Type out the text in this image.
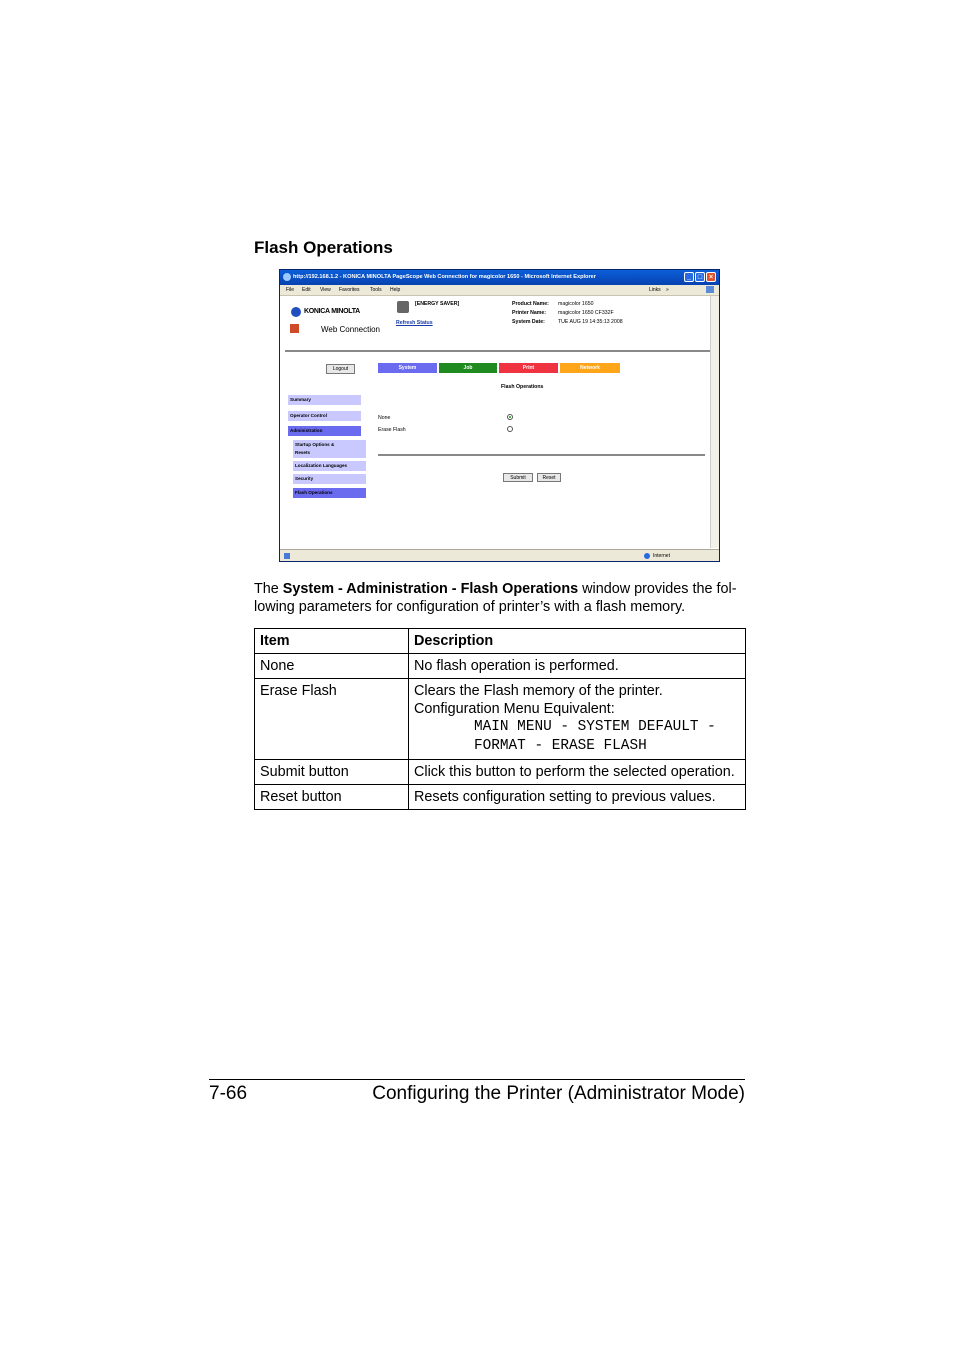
Flash Operations
http://192.168.1.2 - KONICA MINOLTA PageScope Web Connection for magicolor 1650 - Microsoft Internet Explorer	_ □ ×
File Edit View Favorites Tools Help	Links »
KONICA MINOLTA
Web Connection
[ENERGY SAVER]
Refresh Status
Product Name: magicolor 1650
Printer Name: magicolor 1650 CF332F
System Date:	TUE AUG 19 14:35:13 2008
Logout	System	Job	Print	Network
Summary
Operator Control
Administration
Startup Options &
Resets
Localization Languages
Security
Flash Operations
Flash Operations
None
Erase Flash
Submit	Reset
Internet
The System - Administration - Flash Operations window provides the fol-lowing parameters for configuration of printer’s with a flash memory.
Item	Description
None	No flash operation is performed.
Erase Flash	Clears the Flash memory of the printer.
Configuration Menu Equivalent:
MAIN MENU - SYSTEM DEFAULT -
FORMAT - ERASE FLASH

Submit button	Click this button to perform the selected operation.
Reset button	Resets configuration setting to previous values.
7-66	Configuring the Printer (Administrator Mode)
